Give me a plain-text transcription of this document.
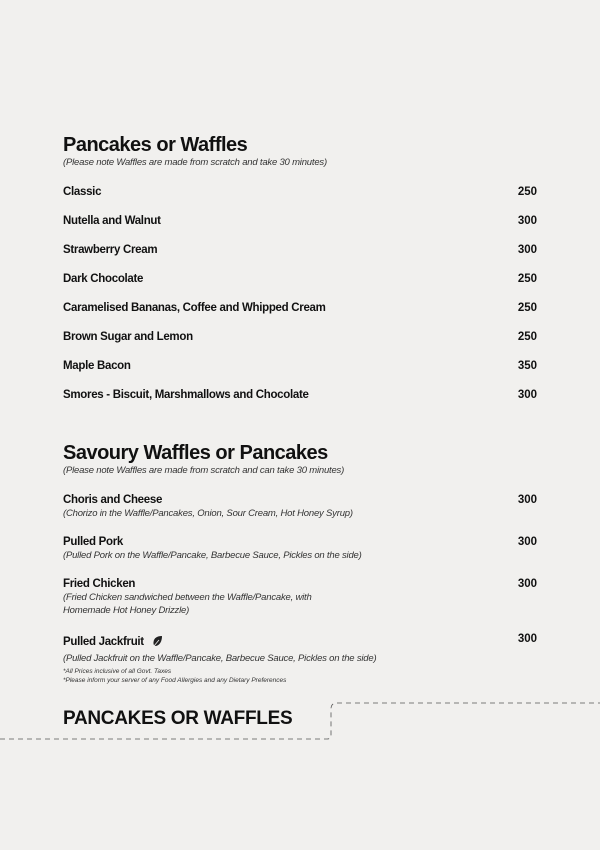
Pancakes or Waffles

(Please note Waffles are made from scratch and take 30 minutes)

Classic	250
Nutella and Walnut	300
Strawberry Cream	300
Dark Chocolate	250
Caramelised Bananas, Coffee and Whipped Cream	250
Brown Sugar and Lemon	250
Maple Bacon	350
Smores - Biscuit, Marshmallows and Chocolate	300
Savoury Waffles or Pancakes

(Please note Waffles are made from scratch and can take 30 minutes)

Choris and Cheese	300
(Chorizo in the Waffle/Pancakes, Onion, Sour Cream, Hot Honey Syrup)
Pulled Pork	300
(Pulled Pork on the Waffle/Pancake, Barbecue Sauce, Pickles on the side)
Fried Chicken	300
(Fried Chicken sandwiched between the Waffle/Pancake, with Homemade Hot Honey Drizzle)
Pulled Jackfruit	300
(Pulled Jackfruit on the Waffle/Pancake, Barbecue Sauce, Pickles on the side)
*All Prices inclusive of all Govt. Taxes
*Please inform your server of any Food Allergies and any Dietary Preferences
PANCAKES OR WAFFLES
